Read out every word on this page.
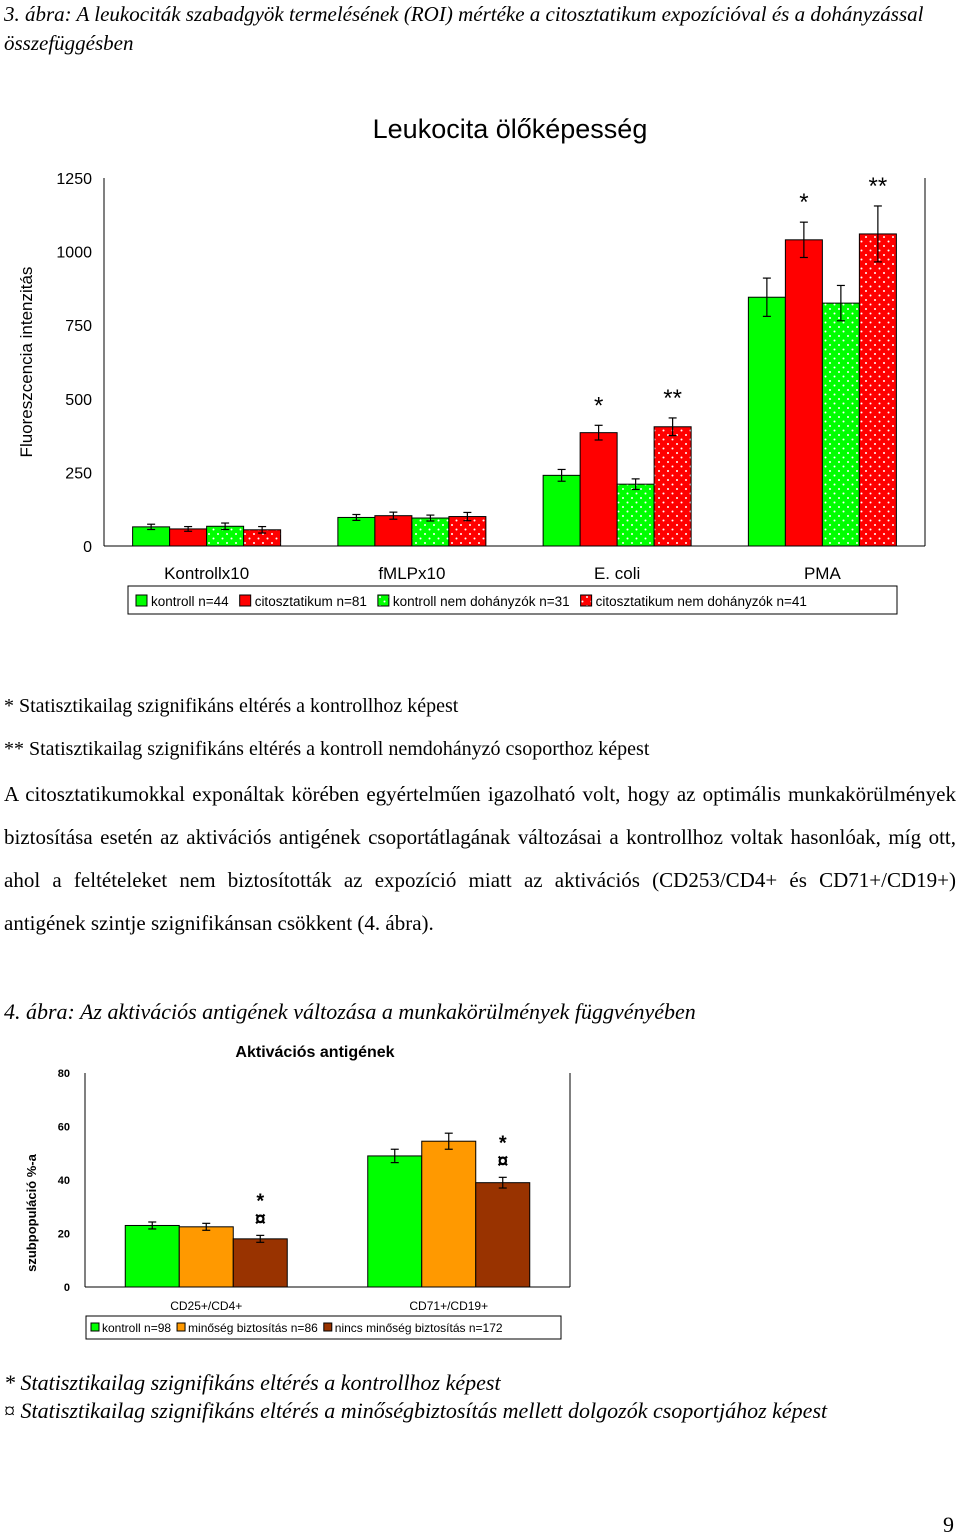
3. ábra: A leukociták szabadgyök termelésének (ROI) mértéke a citosztatikum expozícióval és a dohányzással összefüggésben
Leukocita ölőképesség
Fluoreszcencia intenzitás
0
250
500
750
1000
1250
Kontrollx10	fMLPx10	E. coli	PMA
* **
*
**
kontroll n=44 citosztatikum n=81 kontroll nem dohányzók n=31 citosztatikum nem dohányzók n=41
* Statisztikailag szignifikáns eltérés a kontrollhoz képest
** Statisztikailag szignifikáns eltérés a kontroll nemdohányzó csoporthoz képest
A citosztatikumokkal exponáltak körében egyértelműen igazolható volt, hogy az optimális munkakörülmények biztosítása esetén az aktivációs antigének csoportátlagának változásai a kontrollhoz voltak hasonlóak, míg ott, ahol a feltételeket nem biztosították az expozíció miatt az aktivációs (CD253/CD4+ és CD71+/CD19+) antigének szintje szignifikánsan csökkent (4. ábra).
4. ábra: Az aktivációs antigének változása a munkakörülmények függvényében
Aktivációs antigének
szubpopuláció %-a
0
20
40
60
80
CD25+/CD4+	CD71+/CD19+
*
¤
*
¤
kontroll n=98 minőség biztosítás n=86 nincs minőség biztosítás n=172
* Statisztikailag szignifikáns eltérés a kontrollhoz képest
¤ Statisztikailag szignifikáns eltérés a minőségbiztosítás mellett dolgozók csoportjához képest
9
